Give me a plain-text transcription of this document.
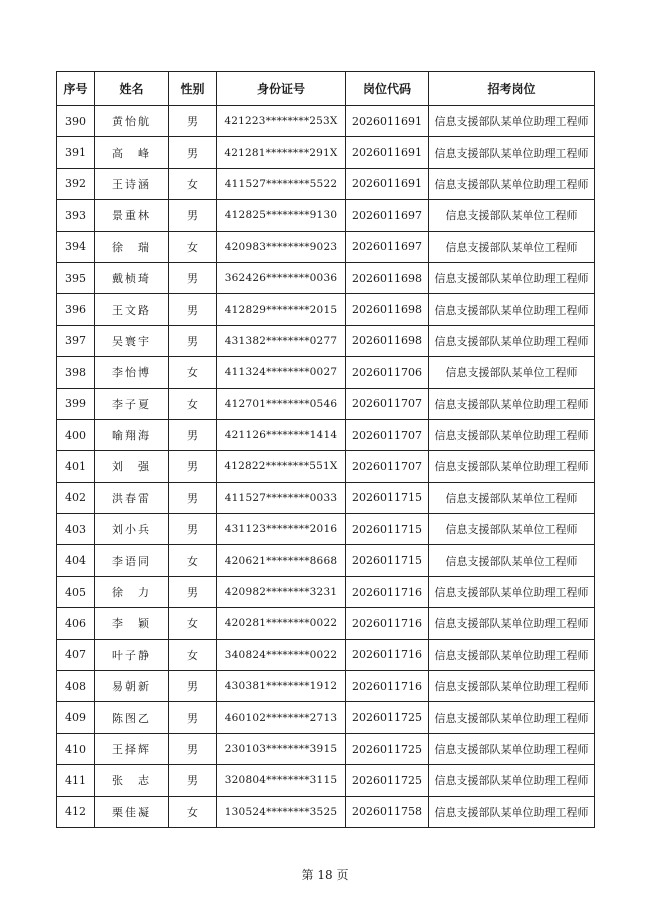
序号	姓名	性别	身份证号	岗位代码	招考岗位
390	黄怡航	男	421223********253X	2026011691	信息支援部队某单位助理工程师
391	高　峰	男	421281********291X	2026011691	信息支援部队某单位助理工程师
392	王诗涵	女	411527********5522	2026011691	信息支援部队某单位助理工程师
393	景重林	男	412825********9130	2026011697	信息支援部队某单位工程师
394	徐　瑞	女	420983********9023	2026011697	信息支援部队某单位工程师
395	戴桢琦	男	362426********0036	2026011698	信息支援部队某单位助理工程师
396	王文路	男	412829********2015	2026011698	信息支援部队某单位助理工程师
397	吴寰宇	男	431382********0277	2026011698	信息支援部队某单位助理工程师
398	李怡博	女	411324********0027	2026011706	信息支援部队某单位工程师
399	李子夏	女	412701********0546	2026011707	信息支援部队某单位助理工程师
400	喻翔海	男	421126********1414	2026011707	信息支援部队某单位助理工程师
401	刘　强	男	412822********551X	2026011707	信息支援部队某单位助理工程师
402	洪春雷	男	411527********0033	2026011715	信息支援部队某单位工程师
403	刘小兵	男	431123********2016	2026011715	信息支援部队某单位工程师
404	李语同	女	420621********8668	2026011715	信息支援部队某单位工程师
405	徐　力	男	420982********3231	2026011716	信息支援部队某单位助理工程师
406	李　颖	女	420281********0022	2026011716	信息支援部队某单位助理工程师
407	叶子静	女	340824********0022	2026011716	信息支援部队某单位助理工程师
408	易朝新	男	430381********1912	2026011716	信息支援部队某单位助理工程师
409	陈图乙	男	460102********2713	2026011725	信息支援部队某单位助理工程师
410	王择辉	男	230103********3915	2026011725	信息支援部队某单位助理工程师
411	张　志	男	320804********3115	2026011725	信息支援部队某单位助理工程师
412	栗佳凝	女	130524********3525	2026011758	信息支援部队某单位助理工程师
第 18 页
